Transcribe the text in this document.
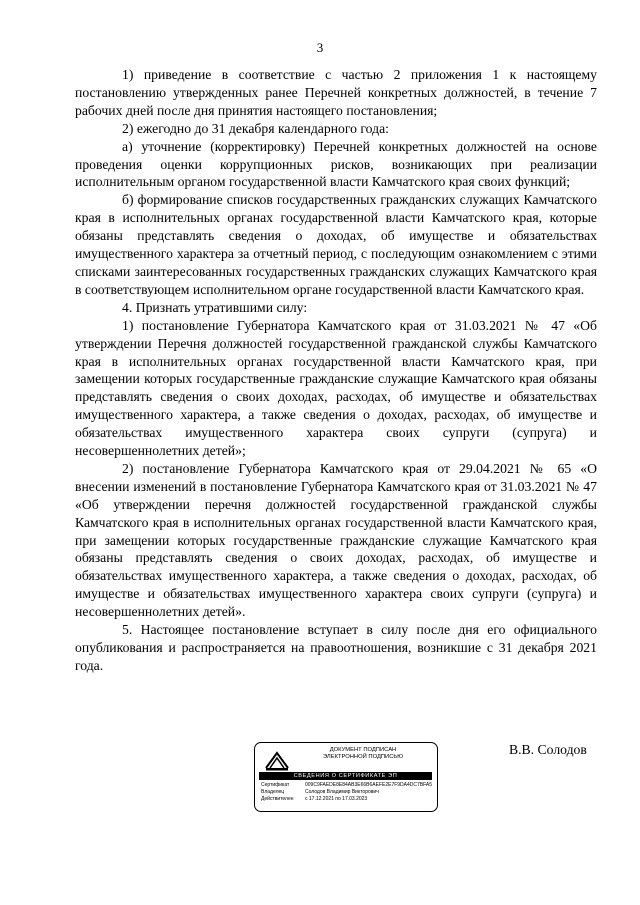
3

1) приведение в соответствие с частью 2 приложения 1 к настоящему постановлению утвержденных ранее Перечней конкретных должностей, в течение 7 рабочих дней после дня принятия настоящего постановления;

2) ежегодно до 31 декабря календарного года:

а) уточнение (корректировку) Перечней конкретных должностей на основе проведения оценки коррупционных рисков, возникающих при реализации исполнительным органом государственной власти Камчатского края своих функций;

б) формирование списков государственных гражданских служащих Камчатского края в исполнительных органах государственной власти Камчатского края, которые обязаны представлять сведения о доходах, об имуществе и обязательствах имущественного характера за отчетный период, с последующим ознакомлением с этими списками заинтересованных государственных гражданских служащих Камчатского края в соответствующем исполнительном органе государственной власти Камчатского края.

4. Признать утратившими силу:

1) постановление Губернатора Камчатского края от 31.03.2021 № 47 «Об утверждении Перечня должностей государственной гражданской службы Камчатского края в исполнительных органах государственной власти Камчатского края, при замещении которых государственные гражданские служащие Камчатского края обязаны представлять сведения о своих доходах, расходах, об имуществе и обязательствах имущественного характера, а также сведения о доходах, расходах, об имуществе и обязательствах имущественного характера своих супруги (супруга) и несовершеннолетних детей»;

2) постановление Губернатора Камчатского края от 29.04.2021 № 65 «О внесении изменений в постановление Губернатора Камчатского края от 31.03.2021 № 47 «Об утверждении перечня должностей государственной гражданской службы Камчатского края в исполнительных органах государственной власти Камчатского края, при замещении которых государственные гражданские служащие Камчатского края обязаны представлять сведения о своих доходах, расходах, об имуществе и обязательствах имущественного характера, а также сведения о доходах, расходах, об имуществе и обязательствах имущественного характера своих супруги (супруга) и несовершеннолетних детей».

5. Настоящее постановление вступает в силу после дня его официального опубликования и распространяется на правоотношения, возникшие с 31 декабря 2021 года.

ДОКУМЕНТ ПОДПИСАН
ЭЛЕКТРОННОЙ ПОДПИСЬЮ
СВЕДЕНИЯ О СЕРТИФИКАТЕ ЭП
Сертификат	009C9FAEDE8E84AB3E66B6AEFE2E7F9DA4DC7BFA5
Владелец	Солодов Владимир Викторович
Действителен	с 17.12.2021 по 17.03.2023
В.В. Солодов
